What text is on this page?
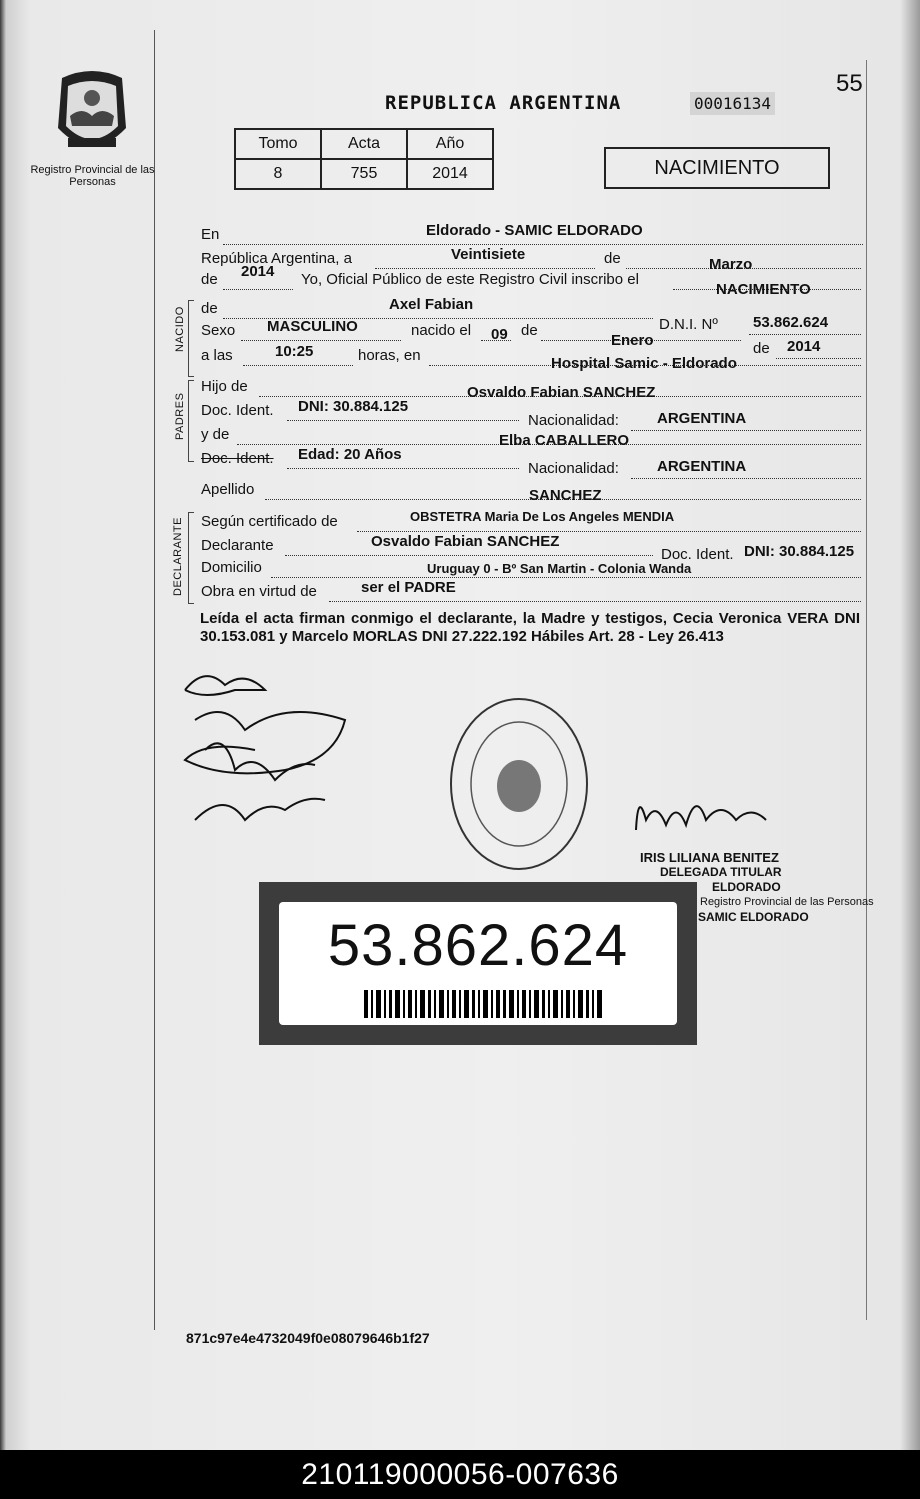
Registro Provincial de las Personas
55
REPUBLICA ARGENTINA	00016134
Tomo	Acta	Año
8	755	2014	NACIMIENTO
En	Eldorado - SAMIC ELDORADO
República Argentina, a	Veintisiete	de	Marzo
de 2014 Yo, Oficial Público de este Registro Civil inscribo el
NACIMIENTO
NACIDO de	Axel Fabian
D.N.I. Nº 53.862.624
Sexo MASCULINO	nacido el 09 de
Enero	de 2014
a las	10:25	horas, en	Hospital Samic - Eldorado
PADRES
Hijo de	Osvaldo Fabian SANCHEZ
Doc. Ident. DNI: 30.884.125
Nacionalidad:	ARGENTINA
y de	Elba CABALLERO
Doc. Ident. Edad: 20 Años
Nacionalidad:	ARGENTINA
Apellido	SANCHEZ
DECLARANTE Según certificado de	OBSTETRA Maria De Los Angeles MENDIA
Declarante	Osvaldo Fabian SANCHEZ
Doc. Ident. DNI: 30.884.125
Domicilio	Uruguay 0 - Bº San Martin - Colonia Wanda
Obra en virtud de	ser el PADRE
Leída el acta firman conmigo el declarante, la Madre y testigos, Cecia Veronica VERA DNI 30.153.081 y Marcelo MORLAS DNI 27.222.192 Hábiles Art. 28 - Ley 26.413
IRIS LILIANA BENITEZ
DELEGADA TITULAR
ELDORADO
Registro Provincial de las Personas
SAMIC ELDORADO
53.862.624
871c97e4e4732049f0e08079646b1f27
210119000056-007636
